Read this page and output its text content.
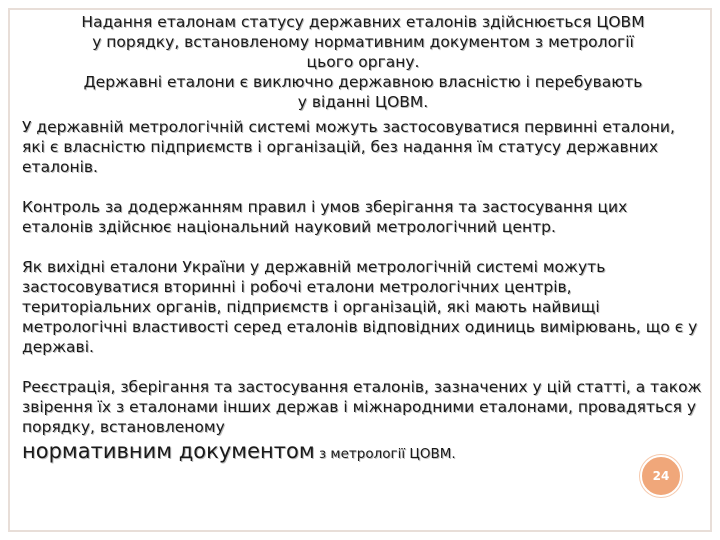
Надання еталонам статусу державних еталонів здійснюється ЦОВМ

у порядку, встановленому нормативним документом з метрології

цього органу.

Державні еталони є виключно державною власністю і перебувають

у віданні ЦОВМ.

У державній метрологічній системі можуть застосовуватися первинні еталони, які є власністю підприємств і організацій, без надання їм статусу державних еталонів.

Контроль за додержанням правил і умов зберігання та застосування цих еталонів здійснює національний науковий метрологічний центр.

Як вихідні еталони України у державній метрологічній системі можуть застосовуватися вторинні і робочі еталони метрологічних центрів, територіальних органів, підприємств і організацій, які мають найвищі метрологічні властивості серед еталонів відповідних одиниць вимірювань, що є у державі.

Реєстрація, зберігання та застосування еталонів, зазначених у цій статті, а також звірення їх з еталонами інших держав і міжнародними еталонами, провадяться у порядку, встановленому
нормативним документом з метрології ЦОВМ.

24
